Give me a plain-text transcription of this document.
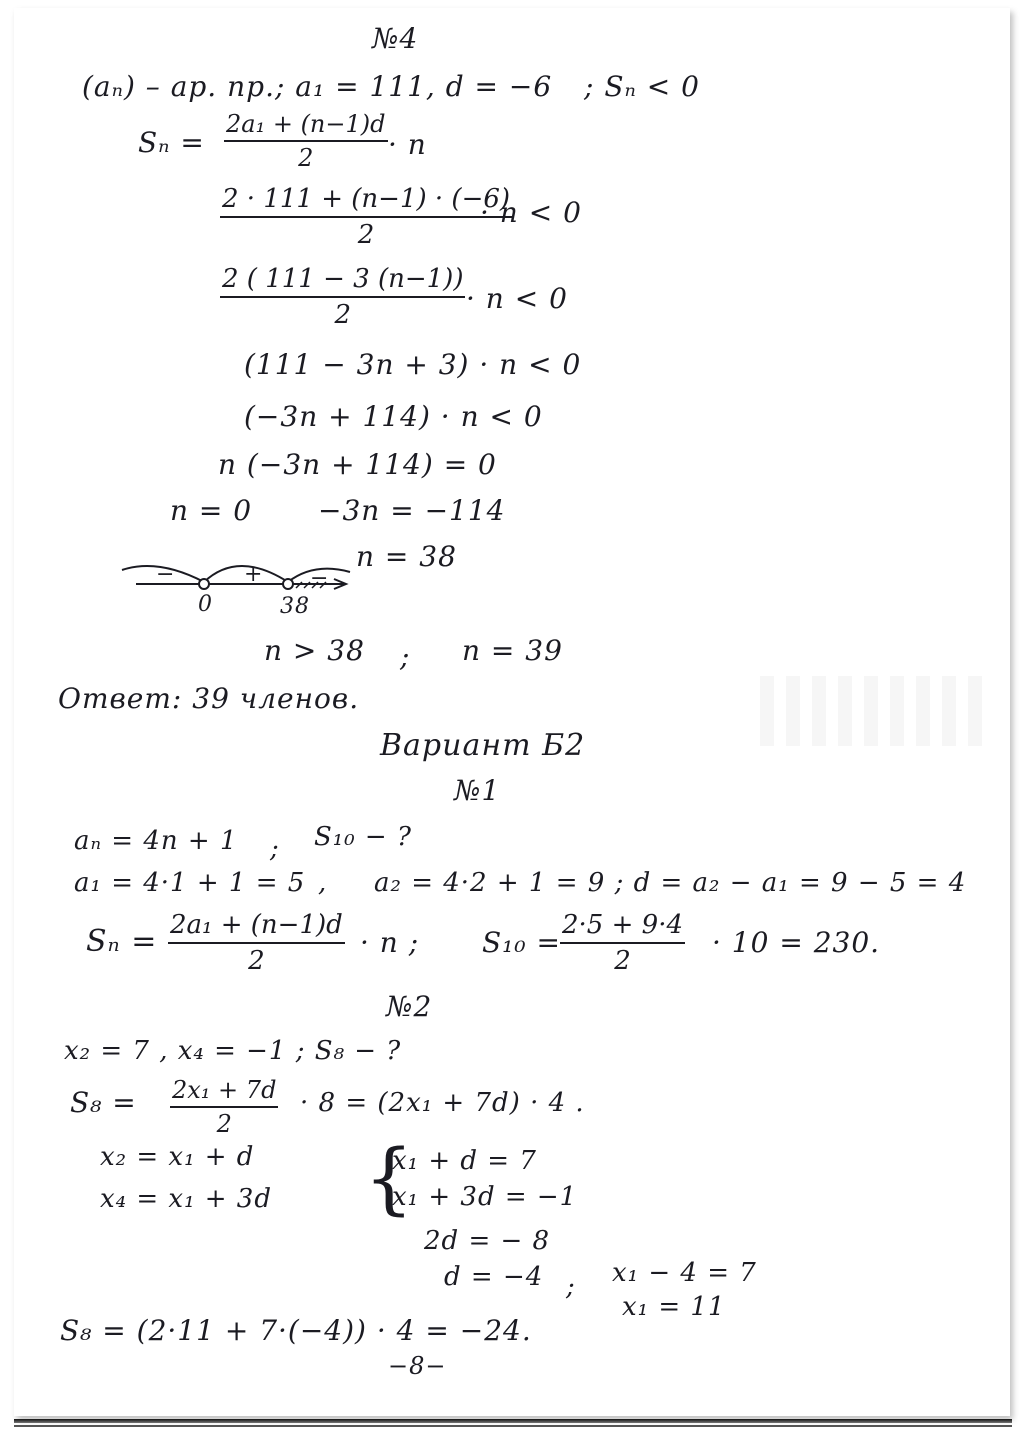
№4
(aₙ) – ар. пр.; a₁ = 111, d = −6 ; Sₙ < 0
$S_n = \frac{\text{2a₁ + (n−1)d}}{2} \cdot n$
$\frac{2 \cdot 111 + (n-1) \cdot (-6)}{2}$
· n < 0
$\frac{2 ( 111 - 3 (n-1))}{2} \cdot n < 0$
(111 − 3n + 3) · n < 0
(−3n + 114) · n < 0
n (−3n + 114) = 0
n = 0 −3n = −114
n = 38
−	+ −
0	38
n > 38 ; n = 39
Ответ: 39 членов.
Вариант Б2
№1
aₙ = 4n + 1 ; S₁₀ − ?
a₁ = 4·1 + 1 = 5 , a₂ = 4·2 + 1 = 9 ; d = a₂ − a₁ = 9 − 5 = 4
$S_n = \frac{\text{2a₁ + (n−1)d}}{2} \cdot n$ ; $S_{10} = \frac{2\cdot 5 + 9\cdot 4}{2} \cdot 10 = 230$.
№2
x₂ = 7 , x₄ = −1 ; S₈ − ?
$S_8 = \frac{\text{2x₁ + 7d}}{2} \cdot 8 = (2x_1 + 7d) \cdot 4$ .
x₂ = x₁ + d
x₄ = x₁ + 3d {
x₁ + d = 7
x₁ + 3d = −1
2d = − 8
d = −4 ; x₁ − 4 = 7
x₁ = 11
S₈ = (2·11 + 7·(−4)) · 4 = −24.
−8−
